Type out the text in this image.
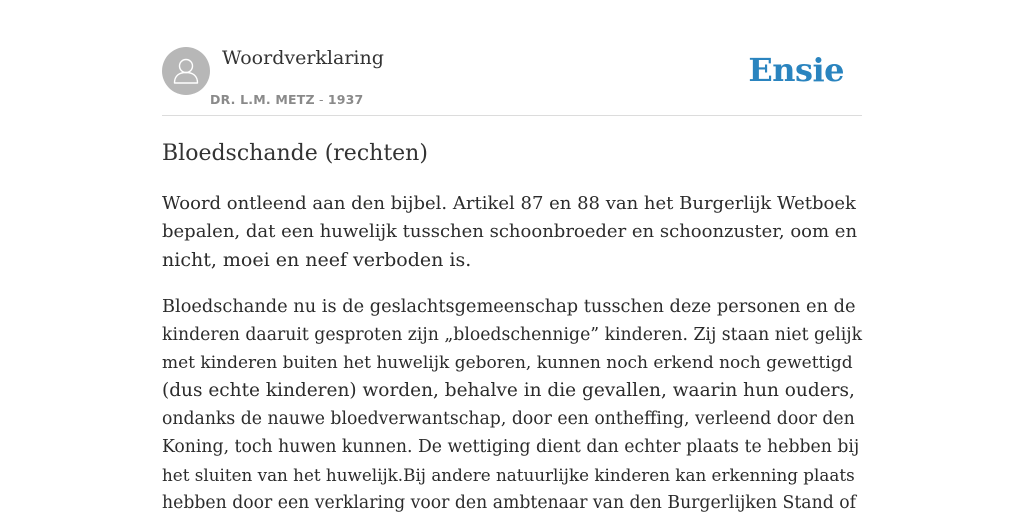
Woordverklaring
DR. L.M. METZ - 1937
Ensie
Bloedschande (rechten)

Woord ontleend aan den bijbel. Artikel 87 en 88 van het Burgerlijk Wetboek
bepalen, dat een huwelijk tusschen schoonbroeder en schoonzuster, oom en
nicht, moei en neef verboden is.

Bloedschande nu is de geslachtsgemeenschap tusschen deze personen en de
kinderen daaruit gesproten zijn „bloedschennige” kinderen. Zij staan niet gelijk
met kinderen buiten het huwelijk geboren, kunnen noch erkend noch gewettigd
(dus echte kinderen) worden, behalve in die gevallen, waarin hun ouders,
ondanks de nauwe bloedverwantschap, door een ontheffing, verleend door den
Koning, toch huwen kunnen. De wettiging dient dan echter plaats te hebben bij
het sluiten van het huwelijk.Bij andere natuurlijke kinderen kan erkenning plaats
hebben door een verklaring voor den ambtenaar van den Burgerlijken Stand of
